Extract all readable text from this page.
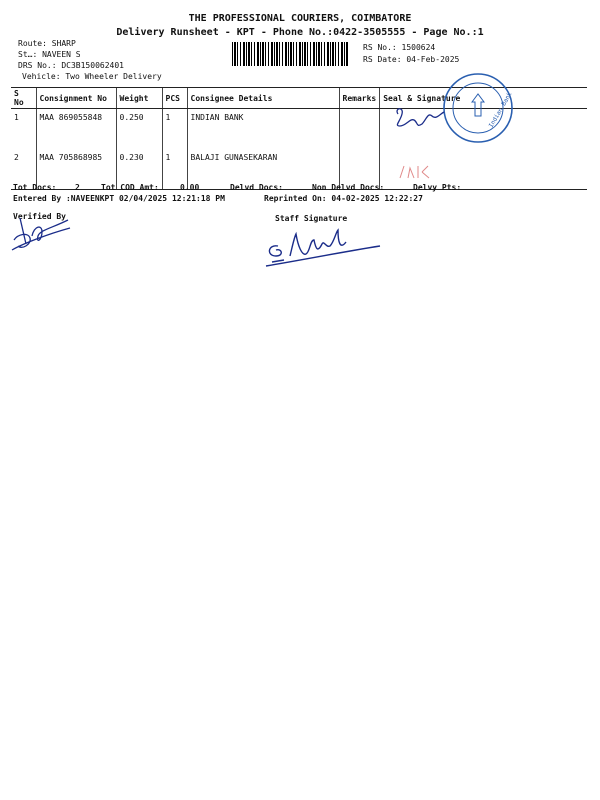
THE PROFESSIONAL COURIERS, COIMBATORE
Delivery Runsheet - KPT - Phone No.:0422-3505555 - Page No.:1
Route: SHARP
St…: NAVEEN S
DRS No.: DC3B150062401
Vehicle: Two Wheeler Delivery
RS No.: 1500624
RS Date: 04-Feb-2025
S No	Consignment No	Weight	PCS	Consignee Details	Remarks	Seal & Signature
1	MAA 869055848	0.250	1	INDIAN BANK		
2	MAA 705868985	0.230	1	BALAJI GUNASEKARAN		
Indian Bank
Tot Docs: 2	Tot COD Amt:	0.00	Delvd Docs:	Non Delvd Docs:	Delvy Pts:
Entered By :NAVEENKPT 02/04/2025 12:21:18 PM	Reprinted On: 04-02-2025 12:22:27
Verified By	Staff Signature
